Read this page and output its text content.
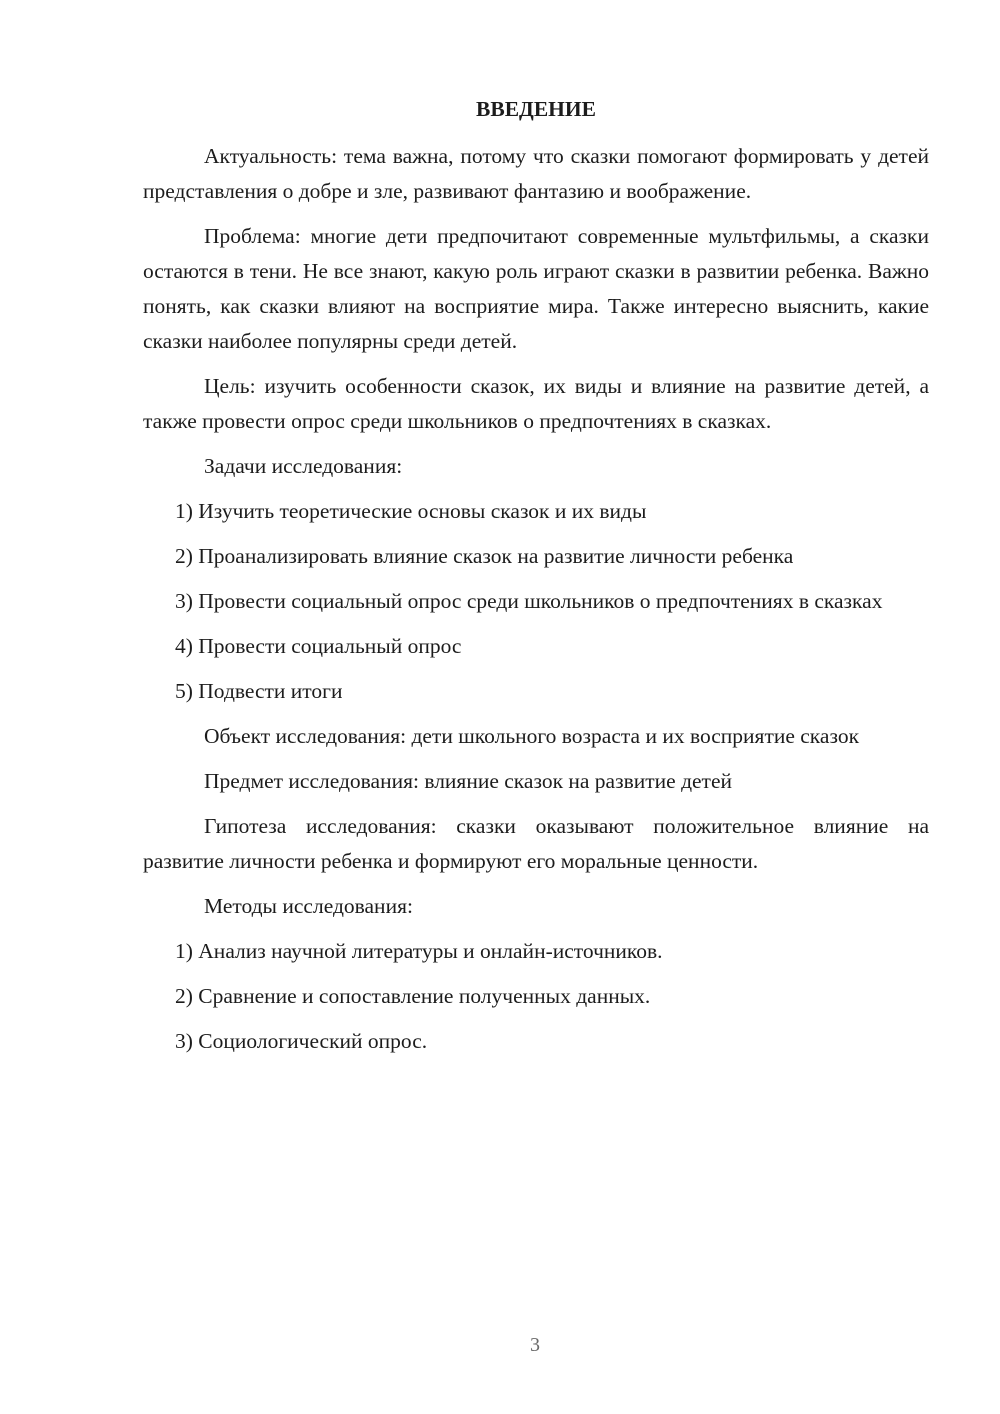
ВВЕДЕНИЕ

Актуальность: тема важна, потому что сказки помогают формировать у детей представления о добре и зле, развивают фантазию и воображение.

Проблема: многие дети предпочитают современные мультфильмы, а сказки остаются в тени. Не все знают, какую роль играют сказки в развитии ребенка. Важно понять, как сказки влияют на восприятие мира. Также интересно выяснить, какие сказки наиболее популярны среди детей.

Цель: изучить особенности сказок, их виды и влияние на развитие детей, а также провести опрос среди школьников о предпочтениях в сказках.

Задачи исследования:

1) Изучить теоретические основы сказок и их виды

2) Проанализировать влияние сказок на развитие личности ребенка

3) Провести социальный опрос среди школьников о предпочтениях в сказках

4) Провести социальный опрос

5) Подвести итоги

Объект исследования: дети школьного возраста и их восприятие сказок

Предмет исследования: влияние сказок на развитие детей

Гипотеза исследования: сказки оказывают положительное влияние на развитие личности ребенка и формируют его моральные ценности.

Методы исследования:

1) Анализ научной литературы и онлайн-источников.

2) Сравнение и сопоставление полученных данных.

3) Социологический опрос.

3
